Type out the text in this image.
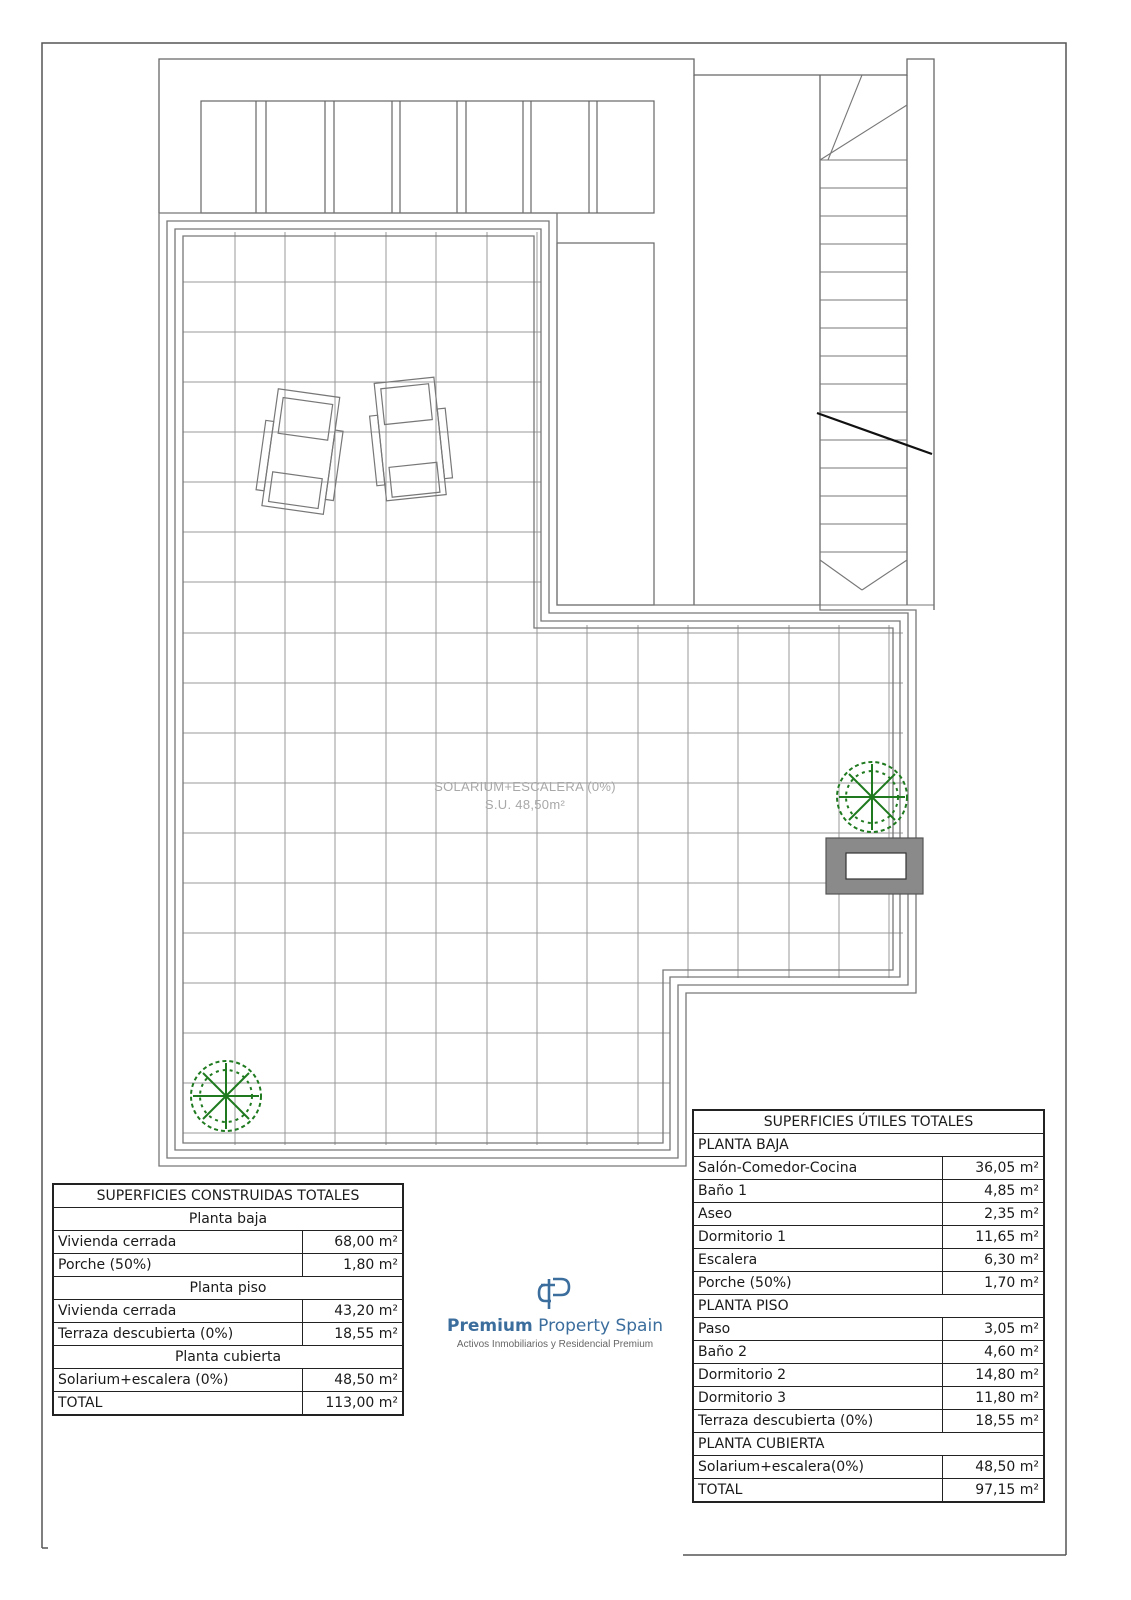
SOLARIUM+ESCALERA (0%)
S.U. 48,50m²
SUPERFICIES CONSTRUIDAS TOTALES	
Planta baja	
Vivienda cerrada	68,00 m²
Porche (50%)	1,80 m²
Planta piso	
Vivienda cerrada	43,20 m²
Terraza descubierta (0%)	18,55 m²
Planta cubierta	
Solarium+escalera (0%)	48,50 m²
TOTAL	113,00 m²
Premium Property Spain
Activos Inmobiliarios y Residencial Premium
SUPERFICIES ÚTILES TOTALES	
PLANTA BAJA	
Salón-Comedor-Cocina	36,05 m²
Baño 1	4,85 m²
Aseo	2,35 m²
Dormitorio 1	11,65 m²
Escalera	6,30 m²
Porche (50%)	1,70 m²
PLANTA PISO	
Paso	3,05 m²
Baño 2	4,60 m²
Dormitorio 2	14,80 m²
Dormitorio 3	11,80 m²
Terraza descubierta (0%)	18,55 m²
PLANTA CUBIERTA	
Solarium+escalera(0%)	48,50 m²
TOTAL	97,15 m²
